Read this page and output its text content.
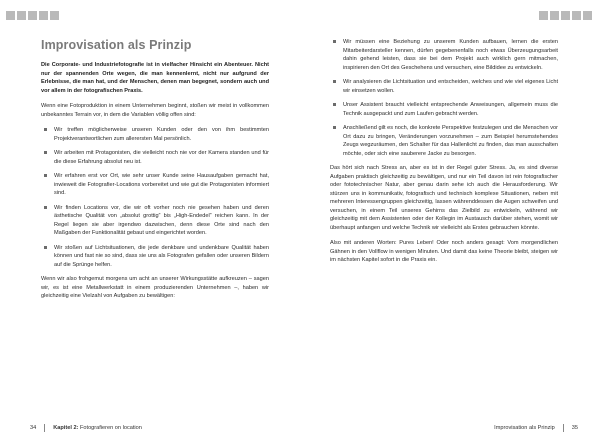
Improvisation als Prinzip

Die Corporate- und Industriefotografie ist in vielfacher Hinsicht ein Abenteuer. Nicht nur der spannenden Orte wegen, die man kennenlernt, nicht nur aufgrund der Erlebnisse, die man hat, und der Menschen, denen man begegnet, sondern auch und vor allem in der fotografischen Praxis.

Wenn eine Fotoproduktion in einem Unternehmen beginnt, stoßen wir meist in vollkommen unbekanntes Terrain vor, in dem die Variablen völlig offen sind:

Wir treffen möglicherweise unseren Kunden oder den von ihm bestimmten Projektverantwortlichen zum allerersten Mal persönlich.

Wir arbeiten mit Protagonisten, die vielleicht noch nie vor der Kamera standen und für die diese Erfahrung absolut neu ist.

Wir erfahren erst vor Ort, wie sehr unser Kunde seine Hausaufgaben gemacht hat, inwieweit die Fotografier-Locations vorbereitet und wie gut die Protagonisten informiert sind.

Wir finden Locations vor, die wir oft vorher noch nie gesehen haben und deren ästhetische Qualität von „absolut grottig“ bis „High-Endedel“ reichen kann. In der Regel liegen sie aber irgendwo dazwischen, denn diese Orte sind nach den Maßgaben der Funktionalität gebaut und eingerichtet worden.

Wir stoßen auf Lichtsituationen, die jede denkbare und undenkbare Qualität haben können und fast nie so sind, dass sie uns als Fotografen gefallen oder unseren Bildern auf die Sprünge helfen.

Wenn wir also frohgemut morgens um acht an unserer Wirkungsstätte aufkreuzen – sagen wir, es ist eine Metallwerkstatt in einem produzierenden Unternehmen –, haben wir gleichzeitig eine Vielzahl von Aufgaben zu bewältigen:

34	Kapitel 2: Fotografieren on location

Wir müssen eine Beziehung zu unserem Kunden aufbauen, lernen die ersten Mitarbeiterdarsteller kennen, dürfen gegebenenfalls noch etwas Überzeugungsarbeit dahin gehend leisten, dass sie bei dem Projekt auch wirklich gern mitmachen, inspirieren den Ort des Geschehens und versuchen, eine Bildidee zu entwickeln.

Wir analysieren die Lichtsituation und entscheiden, welches und wie viel eigenes Licht wir einsetzen wollen.

Unser Assistent braucht vielleicht entsprechende Anweisungen, allgemein muss die Technik ausgepackt und zum Laufen gebracht werden.

Anschließend gilt es noch, die konkrete Perspektive festzulegen und die Menschen vor Ort dazu zu bringen, Veränderungen vorzunehmen – zum Beispiel herumstehendes Zeugs wegzuräumen, den Schalter für das Hallenlicht zu finden, das man ausschalten möchte, oder sich eine sauberere Jacke zu besorgen.

Das hört sich nach Stress an, aber es ist in der Regel guter Stress. Ja, es sind diverse Aufgaben praktisch gleichzeitig zu bewältigen, und nur ein Teil davon ist rein fotografischer oder fototechnischer Natur, aber genau darin sehe ich auch die Herausforderung. Wir stürzen uns in kommunikativ, fotografisch und technisch komplexe Situationen, neben mit mehreren Interessengruppen gleichzeitig, lassen währenddessen die Augen schweifen und versuchen, in einem Teil unseres Gehirns das Zielbild zu entwickeln, während wir gleichzeitig mit dem Assistenten oder der Kollegin im Austausch darüber stehen, womit wir überhaupt anfangen und welche Technik wir vielleicht als Erstes gebrauchen könnte.

Also mit anderen Worten: Pures Leben! Oder noch anders gesagt: Vom morgendlichen Gähnen in den Vollflow in wenigen Minuten. Und damit das keine Theorie bleibt, steigen wir im nächsten Kapitel sofort in die Praxis ein.

Improvisation als Prinzip	35
